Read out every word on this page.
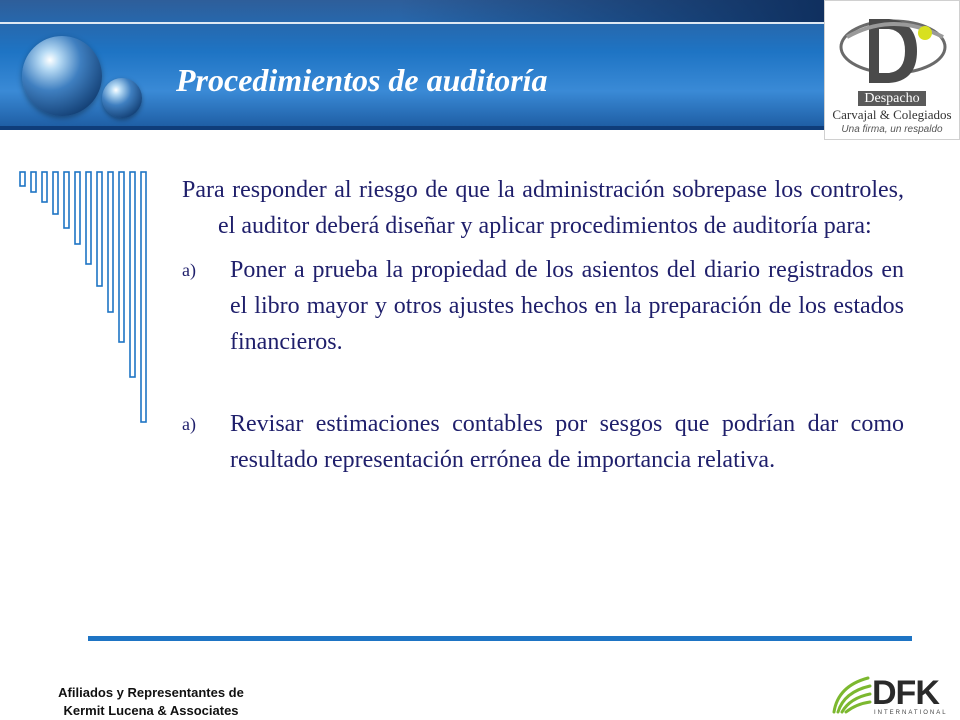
Procedimientos de auditoría
Despacho
Carvajal & Colegiados
Una firma, un respaldo

Para responder al riesgo de que la administración sobrepase los controles, el auditor deberá diseñar y aplicar procedimientos de auditoría para:

a) Poner a prueba la propiedad de los asientos del diario registrados en el libro mayor y otros ajustes hechos en la preparación de los estados financieros.
a) Revisar estimaciones contables por sesgos que podrían dar como resultado representación errónea de importancia relativa.
Afiliados y Representantes de
Kermit Lucena & Associates	DFK
INTERNATIONAL
